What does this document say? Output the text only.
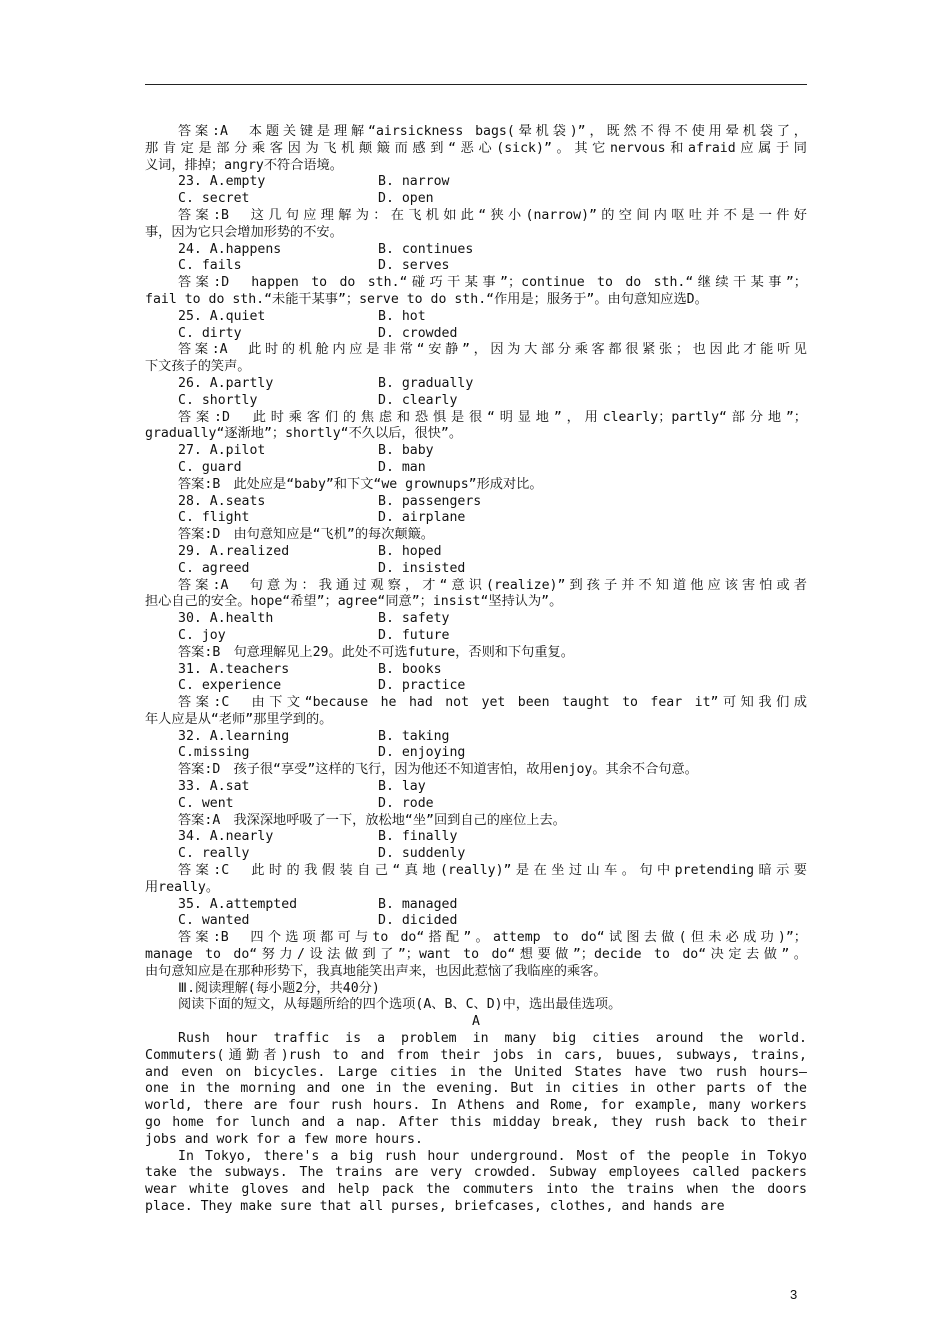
答案:A　本题关键是理解“airsickness bags(晕机袋)”，既然不得不使用晕机袋了，
那肯定是部分乘客因为飞机颠簸而感到“恶心(sick)”。其它nervous和afraid应属于同
义词，排掉；angry不符合语境。
23. A.empty	B. narrow
C. secret	D. open
答案:B　这几句应理解为：在飞机如此“狭小(narrow)”的空间内呕吐并不是一件好
事，因为它只会增加形势的不安。
24. A.happens	B. continues
C. fails	D. serves
答案:D　happen to do sth.“碰巧干某事”；continue to do sth.“继续干某事”；
fail to do sth.“未能干某事”；serve to do sth.“作用是；服务于”。由句意知应选D。
25. A.quiet	B. hot
C. dirty	D. crowded
答案:A　此时的机舱内应是非常“安静”，因为大部分乘客都很紧张；也因此才能听见
下文孩子的笑声。
26. A.partly	B. gradually
C. shortly	D. clearly
答案:D　此时乘客们的焦虑和恐惧是很“明显地”，用clearly；partly“部分地”；
gradually“逐渐地”；shortly“不久以后，很快”。
27. A.pilot	B. baby
C. guard	D. man
答案:B　此处应是“baby”和下文“we grownups”形成对比。
28. A.seats	B. passengers
C. flight	D. airplane
答案:D　由句意知应是“飞机”的每次颠簸。
29. A.realized	B. hoped
C. agreed	D. insisted
答案:A　句意为：我通过观察，才“意识(realize)”到孩子并不知道他应该害怕或者
担心自己的安全。hope“希望”；agree“同意”；insist“坚持认为”。
30. A.health	B. safety
C. joy	D. future
答案:B　句意理解见上29。此处不可选future，否则和下句重复。
31. A.teachers	B. books
C. experience	D. practice
答案:C　由下文“because he had not yet been taught to fear it”可知我们成
年人应是从“老师”那里学到的。
32. A.learning	B. taking
C.missing	D. enjoying
答案:D　孩子很“享受”这样的飞行，因为他还不知道害怕，故用enjoy。其余不合句意。
33. A.sat	B. lay
C. went	D. rode
答案:A　我深深地呼吸了一下，放松地“坐”回到自己的座位上去。
34. A.nearly	B. finally
C. really	D. suddenly
答案:C　此时的我假装自己“真地(really)”是在坐过山车。句中pretending暗示要
用really。
35. A.attempted	B. managed
C. wanted	D. dicided
答案:B　四个选项都可与to do“搭配”。attemp to do“试图去做(但未必成功)”；
manage to do“努力/设法做到了”；want to do“想要做”；decide to do“决定去做”。
由句意知应是在那种形势下，我真地能笑出声来，也因此惹恼了我临座的乘客。
Ⅲ.阅读理解(每小题2分，共40分)
阅读下面的短文，从每题所给的四个选项(A、B、C、D)中，选出最佳选项。
A
Rush hour traffic is a problem in many big cities around the world.
Commuters(通勤者)rush to and from their jobs in cars, buues, subways, trains,
and even on bicycles. Large cities in the United States have two rush hours—
one in the morning and one in the evening. But in cities in other parts of the
world, there are four rush hours. In Athens and Rome, for example, many workers
go home for lunch and a nap. After this midday break, they rush back to their
jobs and work for a few more hours.
In Tokyo, there's a big rush hour underground. Most of the people in Tokyo
take the subways. The trains are very crowded. Subway employees called packers
wear white gloves and help pack the commuters into the trains when the doors
place. They make sure that all purses, briefcases, clothes, and hands are
3
